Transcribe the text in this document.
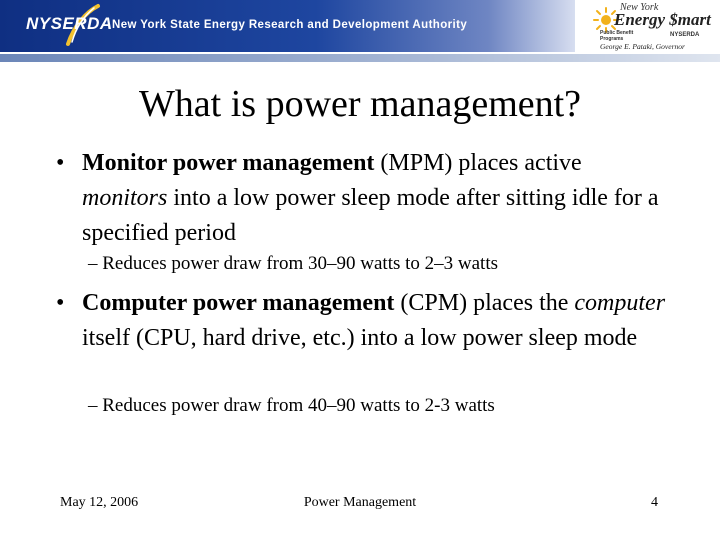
NYSERDA New York State Energy Research and Development Authority
New York
Energy $mart
Public Benefit
Programs
NYSERDA
George E. Pataki, Governor
What is power management?
• Monitor power management (MPM) places active monitors into a low power sleep mode after sitting idle for a specified period
– Reduces power draw from 30–90 watts to 2–3 watts
• Computer power management (CPM) places the computer itself (CPU, hard drive, etc.) into a low power sleep mode
– Reduces power draw from 40–90 watts to 2-3 watts
May 12, 2006	Power Management	4
